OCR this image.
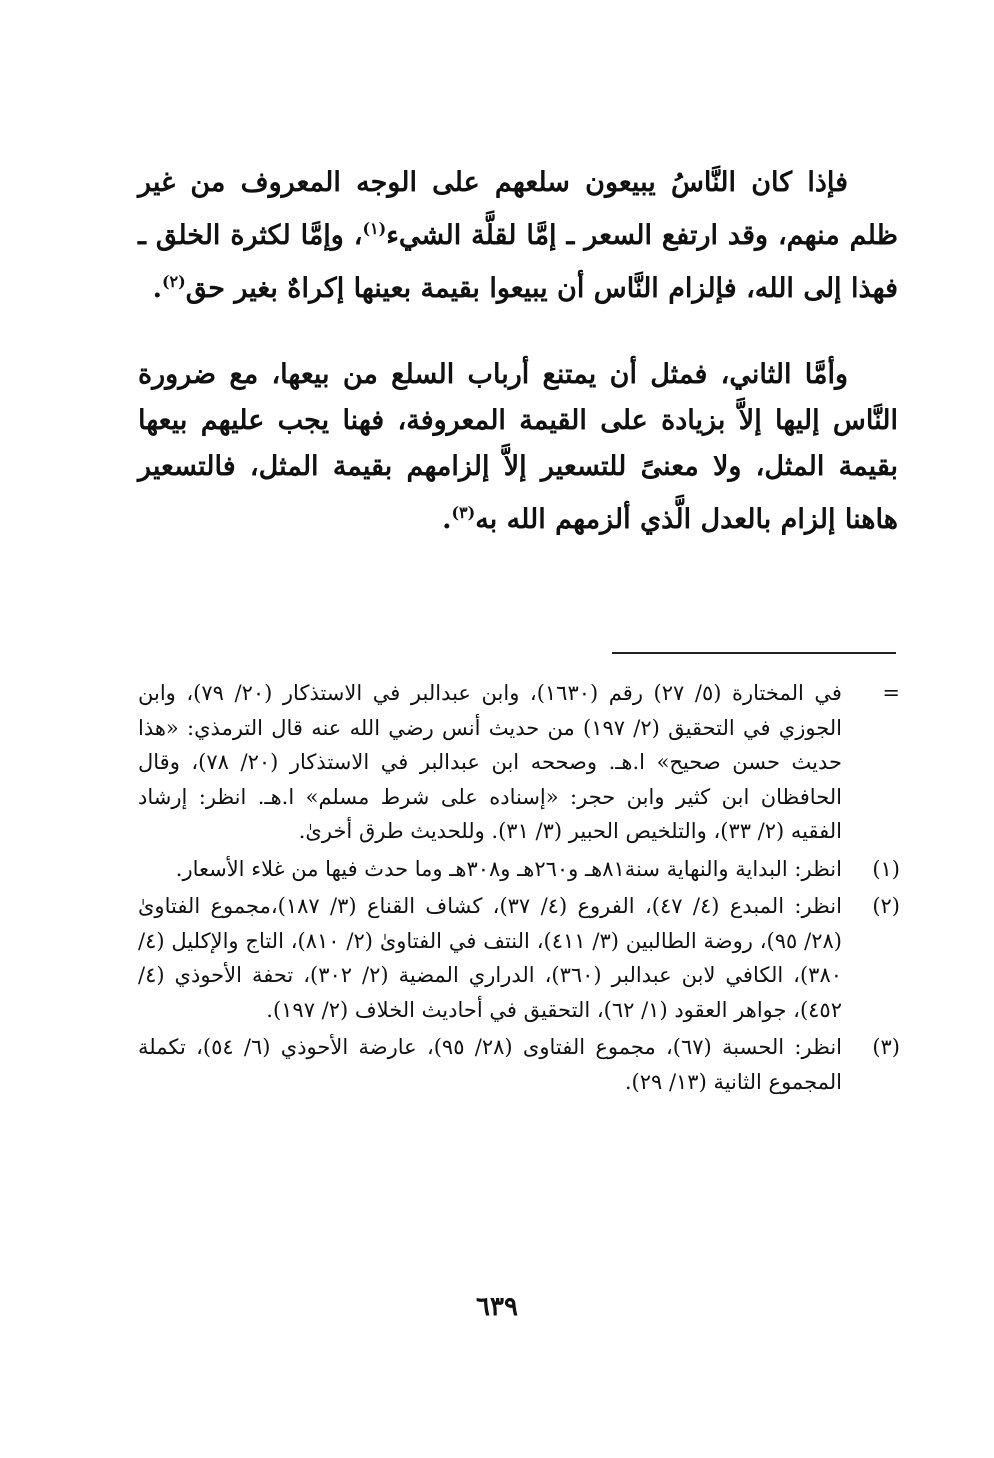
فإذا كان النَّاسُ يبيعون سلعهم على الوجه المعروف من غير ظلم منهم، وقد ارتفع السعر ـ إمَّا لقلَّة الشيء$^{(١)}$، وإمَّا لكثرة الخلق ـ فهذا إلى الله، فإلزام النَّاس أن يبيعوا بقيمة بعينها إكراهٌ بغير حق$^{(٢)}$.

وأمَّا الثاني، فمثل أن يمتنع أرباب السلع من بيعها، مع ضرورة النَّاس إليها إلاَّ بزيادة على القيمة المعروفة، فهنا يجب عليهم بيعها بقيمة المثل، ولا معنىً للتسعير إلاَّ إلزامهم بقيمة المثل، فالتسعير هاهنا إلزام بالعدل الَّذي ألزمهم الله به$^{(٣)}$.

=
في المختارة (٥/ ٢٧) رقم (١٦٣٠)، وابن عبدالبر في الاستذكار (٢٠/ ٧٩)، وابن الجوزي في التحقيق (٢/ ١٩٧) من حديث أنس رضي الله عنه قال الترمذي: «هذا حديث حسن صحيح» ا.هـ. وصححه ابن عبدالبر في الاستذكار (٢٠/ ٧٨)، وقال الحافظان ابن كثير وابن حجر: «إسناده على شرط مسلم» ا.هـ. انظر: إرشاد الفقيه (٢/ ٣٣)، والتلخيص الحبير (٣/ ٣١). وللحديث طرق أخرىٰ.
(١)
انظر: البداية والنهاية سنة٨١هـ و٢٦٠هـ و٣٠٨هـ وما حدث فيها من غلاء الأسعار.
(٢)
انظر: المبدع (٤/ ٤٧)، الفروع (٤/ ٣٧)، كشاف القناع (٣/ ١٨٧)،مجموع الفتاوىٰ (٢٨/ ٩٥)، روضة الطالبين (٣/ ٤١١)، النتف في الفتاوىٰ (٢/ ٨١٠)، التاج والإكليل (٤/ ٣٨٠)، الكافي لابن عبدالبر (٣٦٠)، الدراري المضية (٢/ ٣٠٢)، تحفة الأحوذي (٤/ ٤٥٢)، جواهر العقود (١/ ٦٢)، التحقيق في أحاديث الخلاف (٢/ ١٩٧).
(٣)
انظر: الحسبة (٦٧)، مجموع الفتاوى (٢٨/ ٩٥)، عارضة الأحوذي (٦/ ٥٤)، تكملة المجموع الثانية (١٣/ ٢٩).
٦٣٩
